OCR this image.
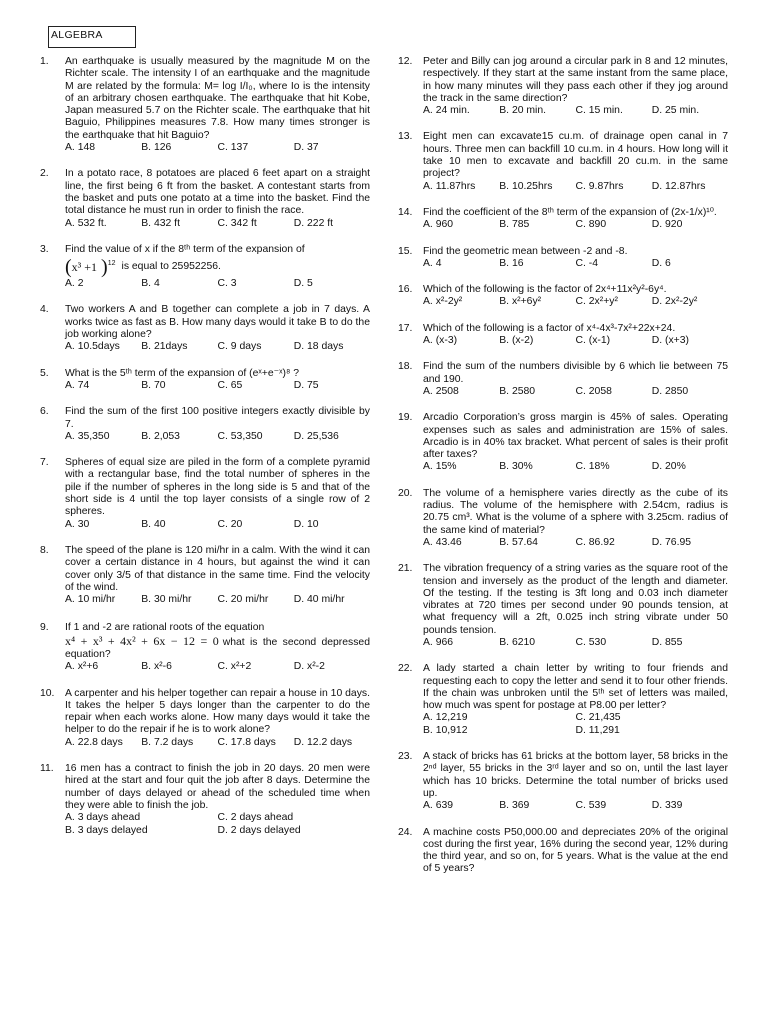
ALGEBRA
1. An earthquake is usually measured by the magnitude M on the Richter scale. The intensity I of an earthquake and the magnitude M are related by the formula: M= log I/I₀, where Io is the intensity of an arbitrary chosen earthquake. The earthquake that hit Kobe, Japan measured 5.7 on the Richter scale. The earthquake that hit Baguio, Philippines measures 7.8. How many times stronger is the earthquake that hit Baguio?
A. 148	B. 126	C. 137	D. 37
2. In a potato race, 8 potatoes are placed 6 feet apart on a straight line, the first being 6 ft from the basket. A contestant starts from the basket and puts one potato at a time into the basket. Find the total distance he must run in order to finish the race.
A. 532 ft.	B. 432 ft	C. 342 ft	D. 222 ft
3. Find the value of x if the 8ᵗʰ term of the expansion of
( x³ +1 )$^{12}$ is equal to 25952256.
A. 2	B. 4	C. 3	D. 5
4. Two workers A and B together can complete a job in 7 days. A works twice as fast as B. How many days would it take B to do the job working alone?
A. 10.5days	B. 21days	C. 9 days	D. 18 days
5. What is the 5ᵗʰ term of the expansion of (eˣ+e⁻ˣ)⁸ ?
A. 74	B. 70	C. 65	D. 75
6. Find the sum of the first 100 positive integers exactly divisible by 7.
A. 35,350	B. 2,053	C. 53,350	D. 25,536
7. Spheres of equal size are piled in the form of a complete pyramid with a rectangular base, find the total number of spheres in the pile if the number of spheres in the long side is 5 and that of the short side is 4 until the top layer consists of a single row of 2 spheres.
A. 30	B. 40	C. 20	D. 10
8. The speed of the plane is 120 mi/hr in a calm. With the wind it can cover a certain distance in 4 hours, but against the wind it can cover only 3/5 of that distance in the same time. Find the velocity of the wind.
A. 10 mi/hr	B. 30 mi/hr	C. 20 mi/hr	D. 40 mi/hr
9. If 1 and -2 are rational roots of the equation
x⁴ + x³ + 4x² + 6x − 12 = 0 what is the second depressed equation?
A. x²+6	B. x²-6	C. x²+2	D. x²-2
10. A carpenter and his helper together can repair a house in 10 days. It takes the helper 5 days longer than the carpenter to do the repair when each works alone. How many days would it take the helper to do the repair if he is to work alone?
A. 22.8 days	B. 7.2 days	C. 17.8 days	D. 12.2 days
11. 16 men has a contract to finish the job in 20 days. 20 men were hired at the start and four quit the job after 8 days. Determine the number of days delayed or ahead of the scheduled time when they were able to finish the job.
A. 3 days ahead	C. 2 days ahead
B. 3 days delayed	D. 2 days delayed
12. Peter and Billy can jog around a circular park in 8 and 12 minutes, respectively. If they start at the same instant from the same place, in how many minutes will they pass each other if they jog around the track in the same direction?
A. 24 min.	B. 20 min.	C. 15 min.	D. 25 min.
13. Eight men can excavate15 cu.m. of drainage open canal in 7 hours. Three men can backfill 10 cu.m. in 4 hours. How long will it take 10 men to excavate and backfill 20 cu.m. in the same project?
A. 11.87hrs	B. 10.25hrs	C. 9.87hrs	D. 12.87hrs
14. Find the coefficient of the 8ᵗʰ term of the expansion of (2x-1/x)¹⁰.
A. 960	B. 785	C. 890	D. 920
15. Find the geometric mean between -2 and -8.
A. 4	B. 16	C. -4	D. 6
16. Which of the following is the factor of 2x⁴+11x²y²-6y⁴.
A. x²-2y²	B. x²+6y²	C. 2x²+y²	D. 2x²-2y²
17. Which of the following is a factor of x⁴-4x³-7x²+22x+24.
A. (x-3)	B. (x-2)	C. (x-1)	D. (x+3)
18. Find the sum of the numbers divisible by 6 which lie between 75 and 190.
A. 2508	B. 2580	C. 2058	D. 2850
19. Arcadio Corporation’s gross margin is 45% of sales. Operating expenses such as sales and administration are 15% of sales. Arcadio is in 40% tax bracket. What percent of sales is their profit after taxes?
A. 15%	B. 30%	C. 18%	D. 20%
20. The volume of a hemisphere varies directly as the cube of its radius. The volume of the hemisphere with 2.54cm, radius is 20.75 cm³. What is the volume of a sphere with 3.25cm. radius of the same kind of material?
A. 43.46	B. 57.64	C. 86.92	D. 76.95
21. The vibration frequency of a string varies as the square root of the tension and inversely as the product of the length and diameter. Of the testing. If the testing is 3ft long and 0.03 inch diameter vibrates at 720 times per second under 90 pounds tension, at what frequency will a 2ft, 0.025 inch string vibrate under 50 pounds tension.
A. 966	B. 6210	C. 530	D. 855
22. A lady started a chain letter by writing to four friends and requesting each to copy the letter and send it to four other friends. If the chain was unbroken until the 5ᵗʰ set of letters was mailed, how much was spent for postage at P8.00 per letter?
A. 12,219	C. 21,435
B. 10,912	D. 11,291
23. A stack of bricks has 61 bricks at the bottom layer, 58 bricks in the 2ⁿᵈ layer, 55 bricks in the 3ʳᵈ layer and so on, until the last layer which has 10 bricks. Determine the total number of bricks used up.
A. 639	B. 369	C. 539	D. 339
24. A machine costs P50,000.00 and depreciates 20% of the original cost during the first year, 16% during the second year, 12% during the third year, and so on, for 5 years. What is the value at the end of 5 years?
